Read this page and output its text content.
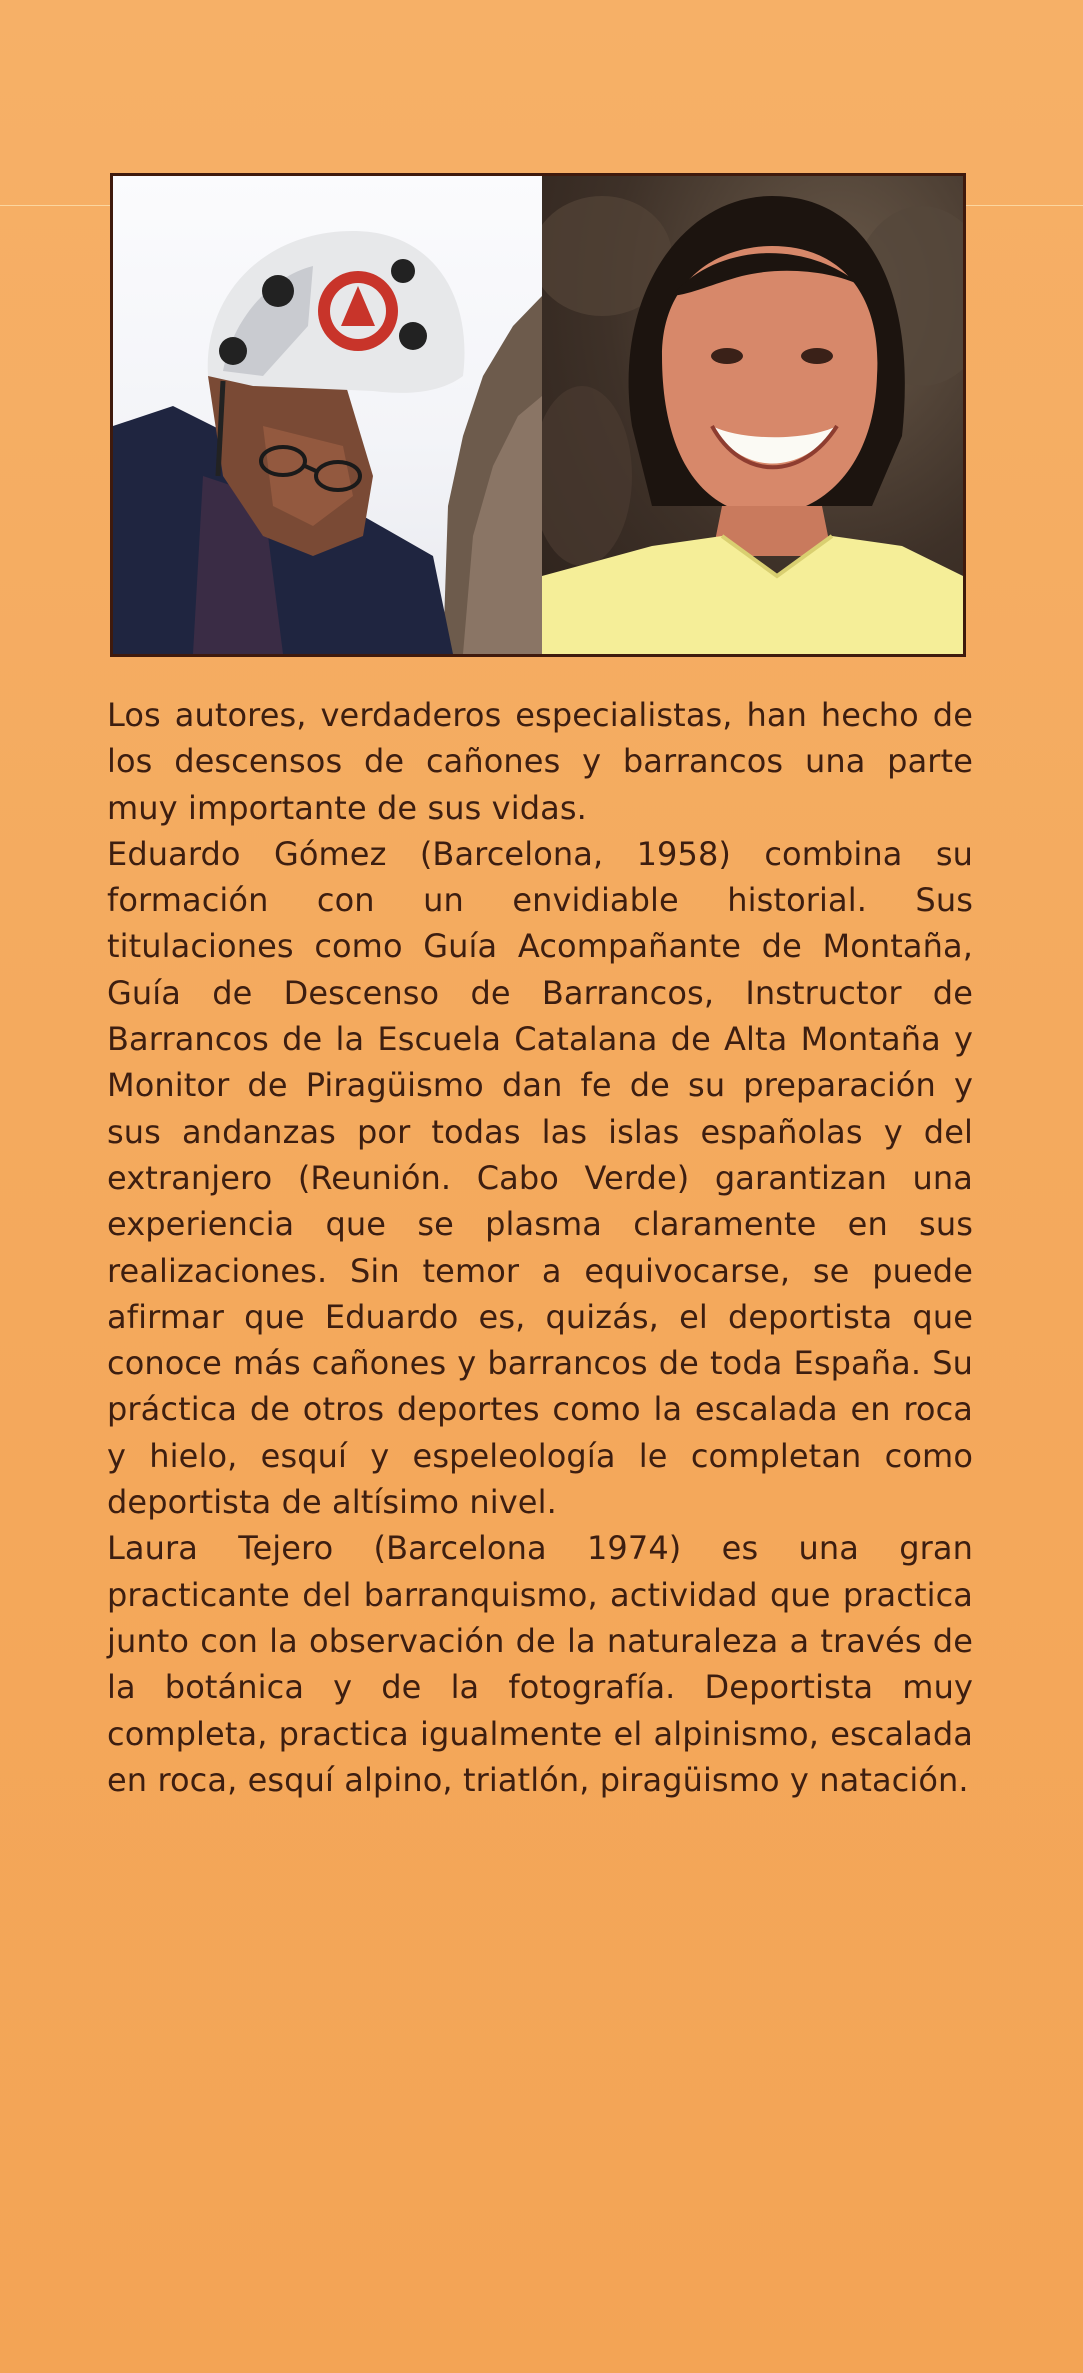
Los autores, verdaderos especialistas, han hecho de los descensos de cañones y barrancos una parte muy importante de sus vidas.

Eduardo Gómez (Barcelona, 1958) combina su formación con un envidiable historial. Sus titulaciones como Guía Acompañante de Montaña, Guía de Descenso de Barrancos, Instructor de Barrancos de la Escuela Catalana de Alta Montaña y Monitor de Piragüismo dan fe de su preparación y sus andanzas por todas las islas españolas y del extranjero (Reunión. Cabo Verde) garantizan una experiencia que se plasma claramente en sus realizaciones. Sin temor a equivocarse, se puede afirmar que Eduardo es, quizás, el deportista que conoce más cañones y barrancos de toda España. Su práctica de otros deportes como la escalada en roca y hielo, esquí y espeleología le completan como deportista de altísimo nivel.

Laura Tejero (Barcelona 1974) es una gran practicante del barranquismo, actividad que practica junto con la observación de la naturaleza a través de la botánica y de la fotografía. Deportista muy completa, practica igualmente el alpinismo, escalada en roca, esquí alpino, triatlón, piragüismo y natación.
